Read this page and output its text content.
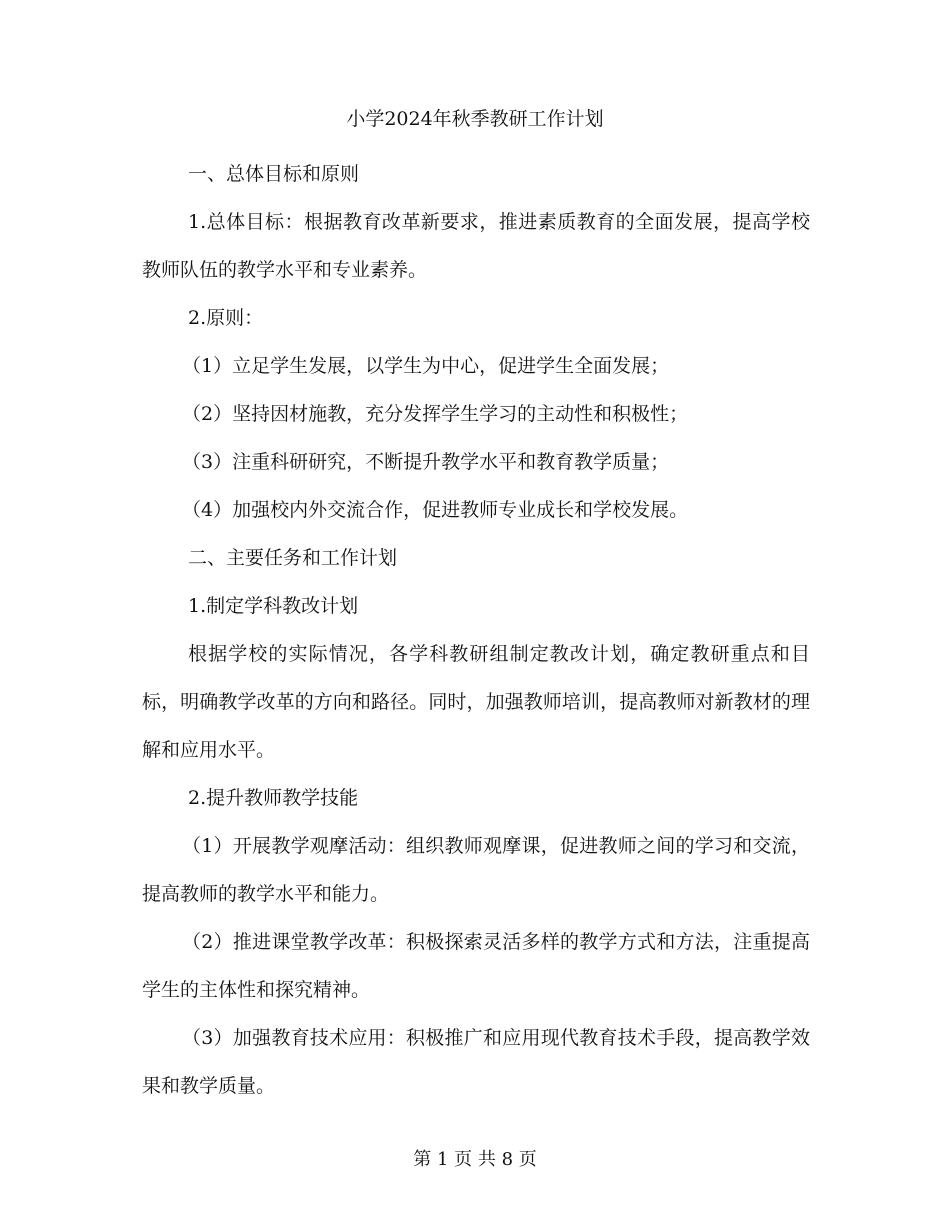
小学2024年秋季教研工作计划

一、总体目标和原则

1.总体目标：根据教育改革新要求，推进素质教育的全面发展，提高学校教师队伍的教学水平和专业素养。

2.原则：

（1）立足学生发展，以学生为中心，促进学生全面发展；

（2）坚持因材施教，充分发挥学生学习的主动性和积极性；

（3）注重科研研究，不断提升教学水平和教育教学质量；

（4）加强校内外交流合作，促进教师专业成长和学校发展。

二、主要任务和工作计划

1.制定学科教改计划

根据学校的实际情况，各学科教研组制定教改计划，确定教研重点和目标，明确教学改革的方向和路径。同时，加强教师培训，提高教师对新教材的理解和应用水平。

2.提升教师教学技能

（1）开展教学观摩活动：组织教师观摩课，促进教师之间的学习和交流，提高教师的教学水平和能力。

（2）推进课堂教学改革：积极探索灵活多样的教学方式和方法，注重提高学生的主体性和探究精神。

（3）加强教育技术应用：积极推广和应用现代教育技术手段，提高教学效果和教学质量。

第 1 页 共 8 页
